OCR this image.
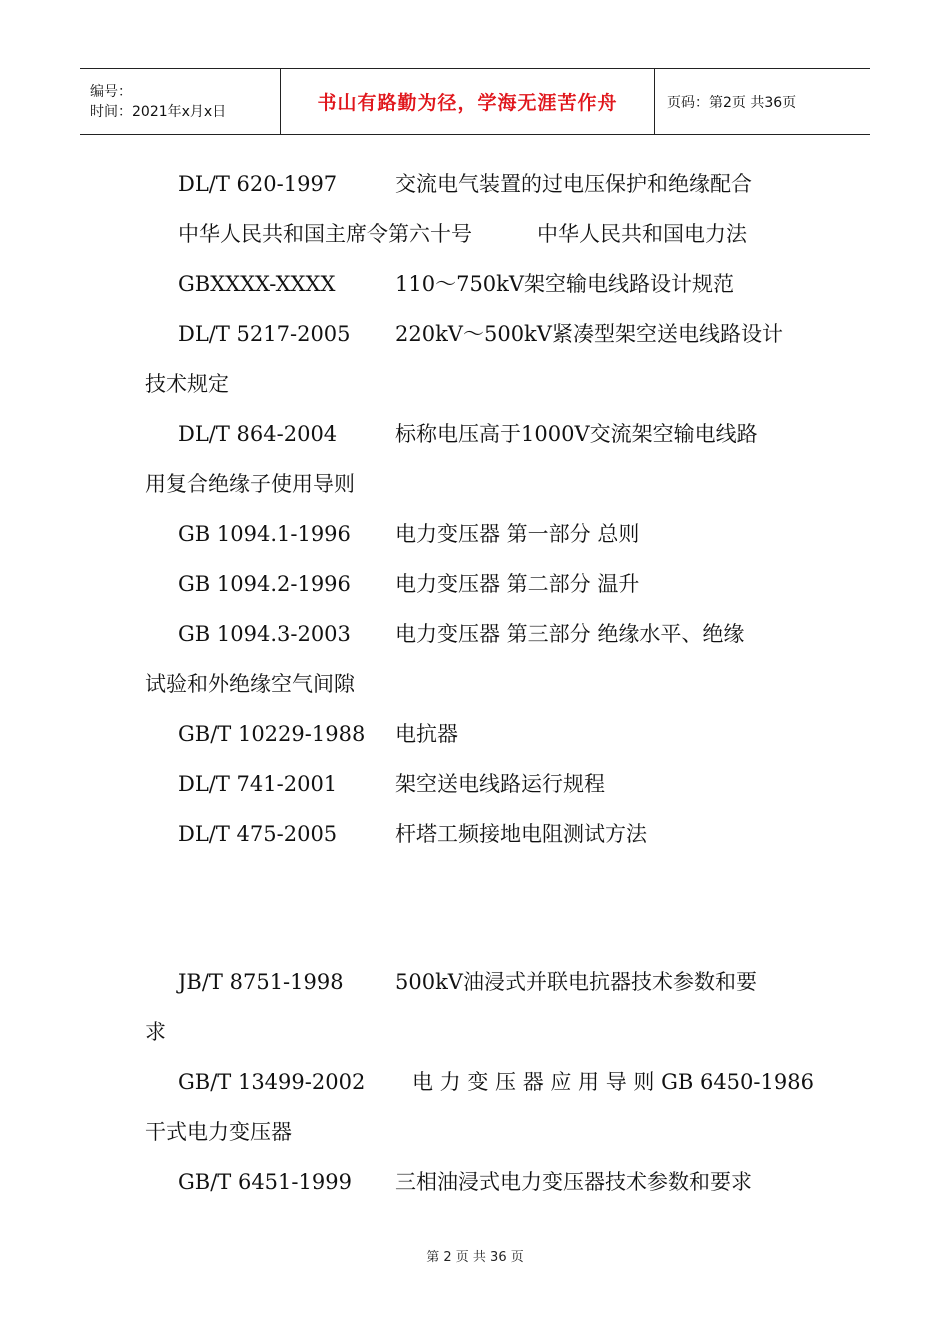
编号：
时间：2021年x月x日	书山有路勤为径，学海无涯苦作舟	页码：第2页 共36页
DL/T 620-1997	交流电气装置的过电压保护和绝缘配合
中华人民共和国主席令第六十号	中华人民共和国电力法
GBXXXX-XXXX	110～750kV架空输电线路设计规范
DL/T 5217-2005 220kV～500kV紧凑型架空送电线路设计
技术规定
DL/T 864-2004	标称电压高于1000V交流架空输电线路
用复合绝缘子使用导则
GB 1094.1-1996 电力变压器 第一部分 总则
GB 1094.2-1996 电力变压器 第二部分 温升
GB 1094.3-2003 电力变压器 第三部分 绝缘水平、绝缘
试验和外绝缘空气间隙
GB/T 10229-1988 电抗器
DL/T 741-2001	架空送电线路运行规程
DL/T 475-2005	杆塔工频接地电阻测试方法
JB/T 8751-1998 500kV油浸式并联电抗器技术参数和要
求
GB/T 13499-2002 电 力 变 压 器 应 用 导 则 GB 6450-1986
干式电力变压器
GB/T 6451-1999 三相油浸式电力变压器技术参数和要求
第 2 页 共 36 页
